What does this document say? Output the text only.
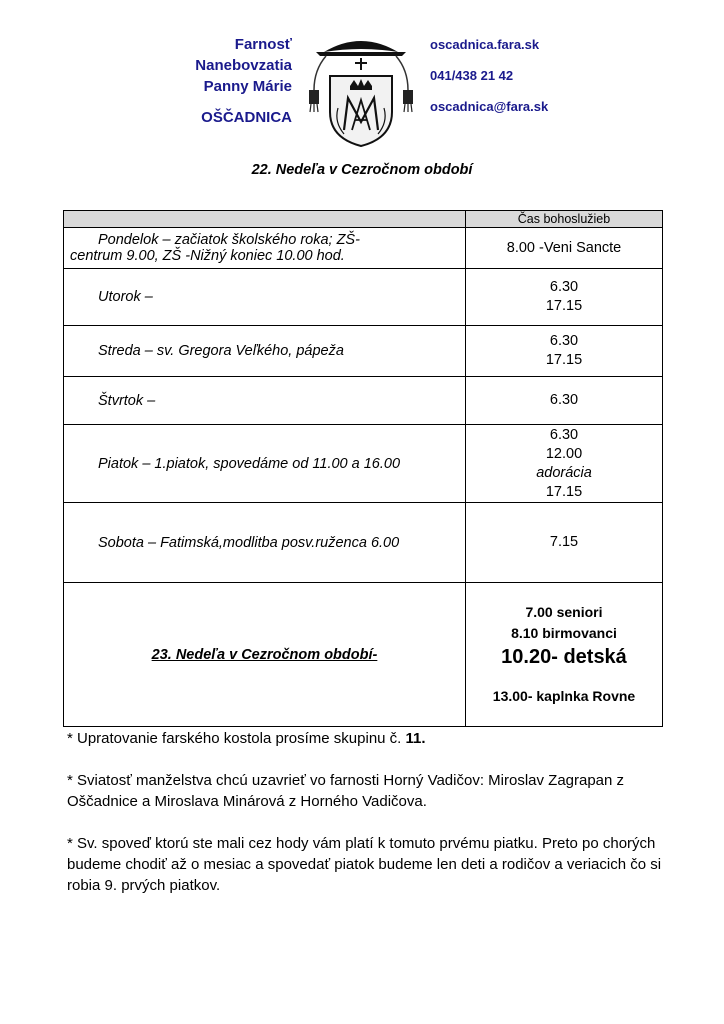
Farnosť
Nanebovzatia
Panny Márie
OŠČADNICA
oscadnica.fara.sk
041/438 21 42
oscadnica@fara.sk
22. Nedeľa v Cezročnom období
	Čas bohoslužieb

Pondelok – začiatok školského roka; ZŠ-
centrum 9.00, ZŠ -Nižný koniec 10.00 hod.	8.00 -Veni Sancte
Utorok –	6.30
17.15
Streda – sv. Gregora Veľkého, pápeža	6.30
17.15
Štvrtok –	6.30
Piatok – 1.piatok, spovedáme od 11.00 a 16.00	6.30
12.00
adorácia
17.15
Sobota – Fatimská,modlitba posv.ruženca 6.00	7.15
23. Nedeľa v Cezročnom období-	7.00 seniori
8.10 birmovanci
10.20- detská
13.00- kaplnka Rovne

* Upratovanie farského kostola prosíme skupinu č. 11.

* Sviatosť manželstva chcú uzavrieť vo farnosti Horný Vadičov: Miroslav Zagrapan z Oščadnice a Miroslava Minárová z Horného Vadičova.

* Sv. spoveď ktorú ste mali cez hody vám platí k tomuto prvému piatku. Preto po chorých budeme chodiť až o mesiac a spovedať piatok budeme len deti a rodičov a veriacich čo si robia 9. prvých piatkov.
